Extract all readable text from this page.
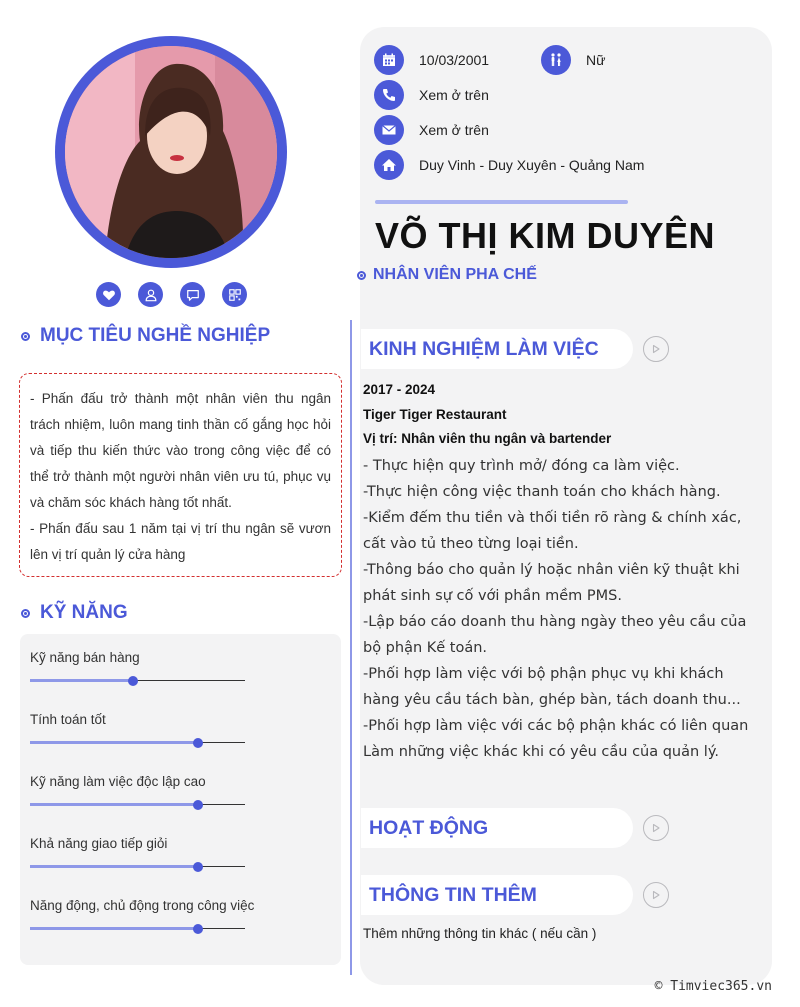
MỤC TIÊU NGHỀ NGHIỆP

- Phấn đấu trở thành một nhân viên thu ngân trách nhiệm, luôn mang tinh thần cố gắng học hỏi và tiếp thu kiến thức vào trong công việc để có thể trở thành một người nhân viên ưu tú, phục vụ và chăm sóc khách hàng tốt nhất.

- Phấn đấu sau 1 năm tại vị trí thu ngân sẽ vươn lên vị trí quản lý cửa hàng

KỸ NĂNG
Kỹ năng bán hàng
Tính toán tốt
Kỹ năng làm việc độc lập cao
Khả năng giao tiếp giỏi
Năng động, chủ động trong công việc
10/03/2001	Nữ
Xem ở trên
Xem ở trên
Duy Vinh - Duy Xuyên - Quảng Nam
VÕ THỊ KIM DUYÊN
NHÂN VIÊN PHA CHẾ
KINH NGHIỆM LÀM VIỆC
2017 - 2024
Tiger Tiger Restaurant
Vị trí: Nhân viên thu ngân và bartender
- Thực hiện quy trình mở/ đóng ca làm việc.
-Thực hiện công việc thanh toán cho khách hàng.
-Kiểm đếm thu tiền và thối tiền rõ ràng & chính xác, cất vào tủ theo từng loại tiền.
-Thông báo cho quản lý hoặc nhân viên kỹ thuật khi phát sinh sự cố với phần mềm PMS.
-Lập báo cáo doanh thu hàng ngày theo yêu cầu của bộ phận Kế toán.
-Phối hợp làm việc với bộ phận phục vụ khi khách hàng yêu cầu tách bàn, ghép bàn, tách doanh thu...
-Phối hợp làm việc với các bộ phận khác có liên quan
Làm những việc khác khi có yêu cầu của quản lý.
HOẠT ĐỘNG
THÔNG TIN THÊM
Thêm những thông tin khác ( nếu cần )
© Timviec365.vn
